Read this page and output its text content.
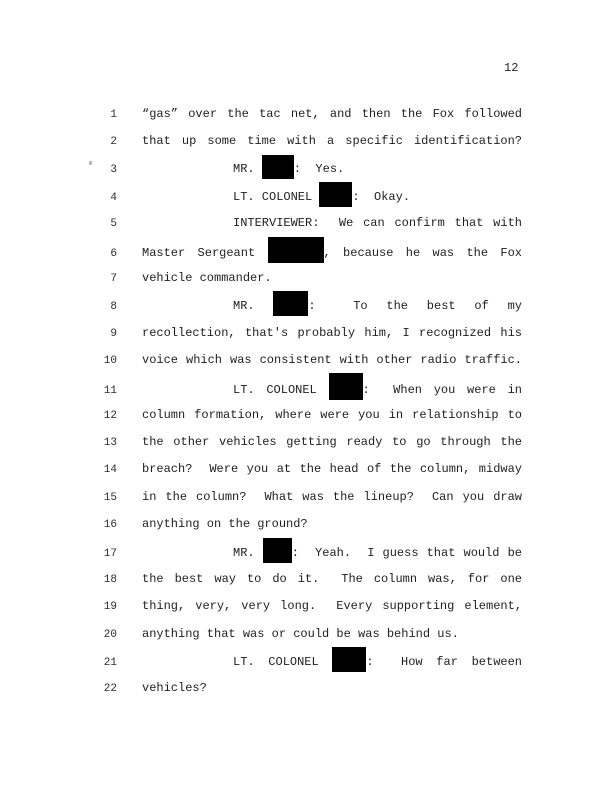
12
1 “gas” over the tac net, and then the Fox followed
2 that up some time with a specific identification?
3	MR.	:  Yes.
4	LT. COLONEL	:  Okay.
5	INTERVIEWER:  We can confirm that with
6 Master Sergeant	, because he was the Fox
7 vehicle commander.
8	MR.	:  To the best of my
9 recollection, that's probably him, I recognized his
10 voice which was consistent with other radio traffic.
11	LT. COLONEL	:  When you were in
12 column formation, where were you in relationship to
13 the other vehicles getting ready to go through the
14 breach?  Were you at the head of the column, midway
15 in the column?  What was the lineup?  Can you draw
16 anything on the ground?
17	MR. :  Yeah.  I guess that would be
18 the best way to do it.  The column was, for one
19 thing, very, very long.  Every supporting element,
20 anything that was or could be was behind us.
21	LT. COLONEL	:  How far between
22 vehicles?
